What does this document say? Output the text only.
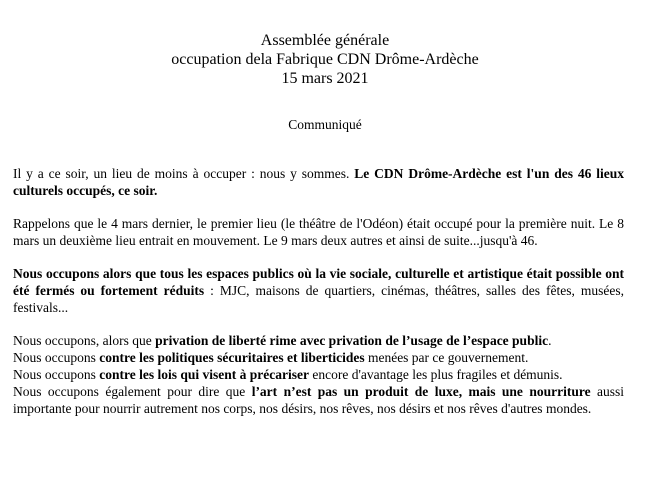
Assemblée générale
occupation dela Fabrique CDN Drôme-Ardèche
15 mars 2021
Communiqué

Il y a ce soir, un lieu de moins à occuper : nous y sommes. Le CDN Drôme-Ardèche est l'un des 46 lieux culturels occupés, ce soir.

Rappelons que le 4 mars dernier, le premier lieu (le théâtre de l'Odéon) était occupé pour la première nuit. Le 8 mars un deuxième lieu entrait en mouvement. Le 9 mars deux autres et ainsi de suite...jusqu'à 46.

Nous occupons alors que tous les espaces publics où la vie sociale, culturelle et artistique était possible ont été fermés ou fortement réduits : MJC, maisons de quartiers, cinémas, théâtres, salles des fêtes, musées, festivals...

Nous occupons, alors que privation de liberté rime avec privation de l’usage de l’espace public.

Nous occupons contre les politiques sécuritaires et liberticides menées par ce gouvernement.

Nous occupons contre les lois qui visent à précariser encore d'avantage les plus fragiles et démunis.

Nous occupons également pour dire que l’art n’est pas un produit de luxe, mais une nourriture aussi importante pour nourrir autrement nos corps, nos désirs, nos rêves, nos désirs et nos rêves d'autres mondes.
